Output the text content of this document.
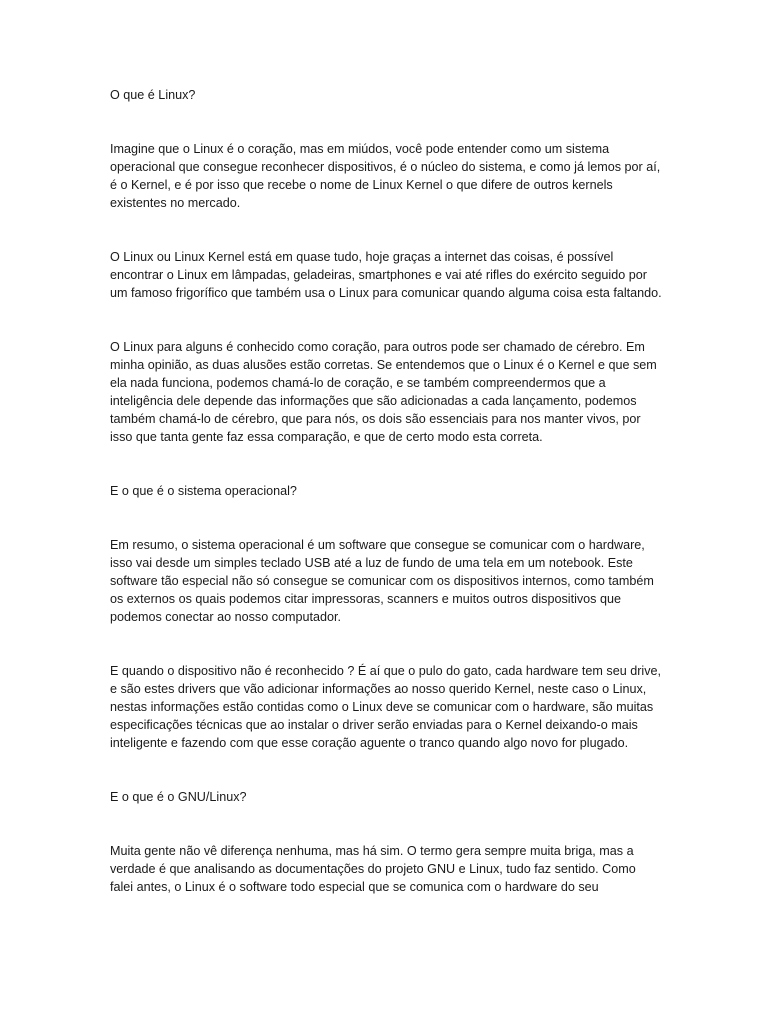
O que é Linux?

Imagine que o Linux é o coração, mas em miúdos, você pode entender como um sistema operacional que consegue reconhecer dispositivos, é o núcleo do sistema, e como já lemos por aí, é o Kernel, e é por isso que recebe o nome de Linux Kernel o que difere de outros kernels existentes no mercado.

O Linux ou Linux Kernel está em quase tudo, hoje graças a internet das coisas, é possível encontrar o Linux em lâmpadas, geladeiras, smartphones e vai até rifles do exército seguido por um famoso frigorífico que também usa o Linux para comunicar quando alguma coisa esta faltando.

O Linux para alguns é conhecido como coração, para outros pode ser chamado de cérebro. Em minha opinião, as duas alusões estão corretas. Se entendemos que o Linux é o Kernel e que sem ela nada funciona, podemos chamá-lo de coração, e se também compreendermos que a inteligência dele depende das informações que são adicionadas a cada lançamento, podemos também chamá-lo de cérebro, que para nós, os dois são essenciais para nos manter vivos, por isso que tanta gente faz essa comparação, e que de certo modo esta correta.

E o que é o sistema operacional?

Em resumo, o sistema operacional é um software que consegue se comunicar com o hardware, isso vai desde um simples teclado USB até a luz de fundo de uma tela em um notebook. Este software tão especial não só consegue se comunicar com os dispositivos internos, como também os externos os quais podemos citar impressoras, scanners e muitos outros dispositivos que podemos conectar ao nosso computador.

E quando o dispositivo não é reconhecido ? É aí que o pulo do gato, cada hardware tem seu drive, e são estes drivers que vão adicionar informações ao nosso querido Kernel, neste caso o Linux, nestas informações estão contidas como o Linux deve se comunicar com o hardware, são muitas especificações técnicas que ao instalar o driver serão enviadas para o Kernel deixando-o mais inteligente e fazendo com que esse coração aguente o tranco quando algo novo for plugado.

E o que é o GNU/Linux?

Muita gente não vê diferença nenhuma, mas há sim. O termo gera sempre muita briga, mas a verdade é que analisando as documentações do projeto GNU e Linux, tudo faz sentido. Como falei antes, o Linux é o software todo especial que se comunica com o hardware do seu
